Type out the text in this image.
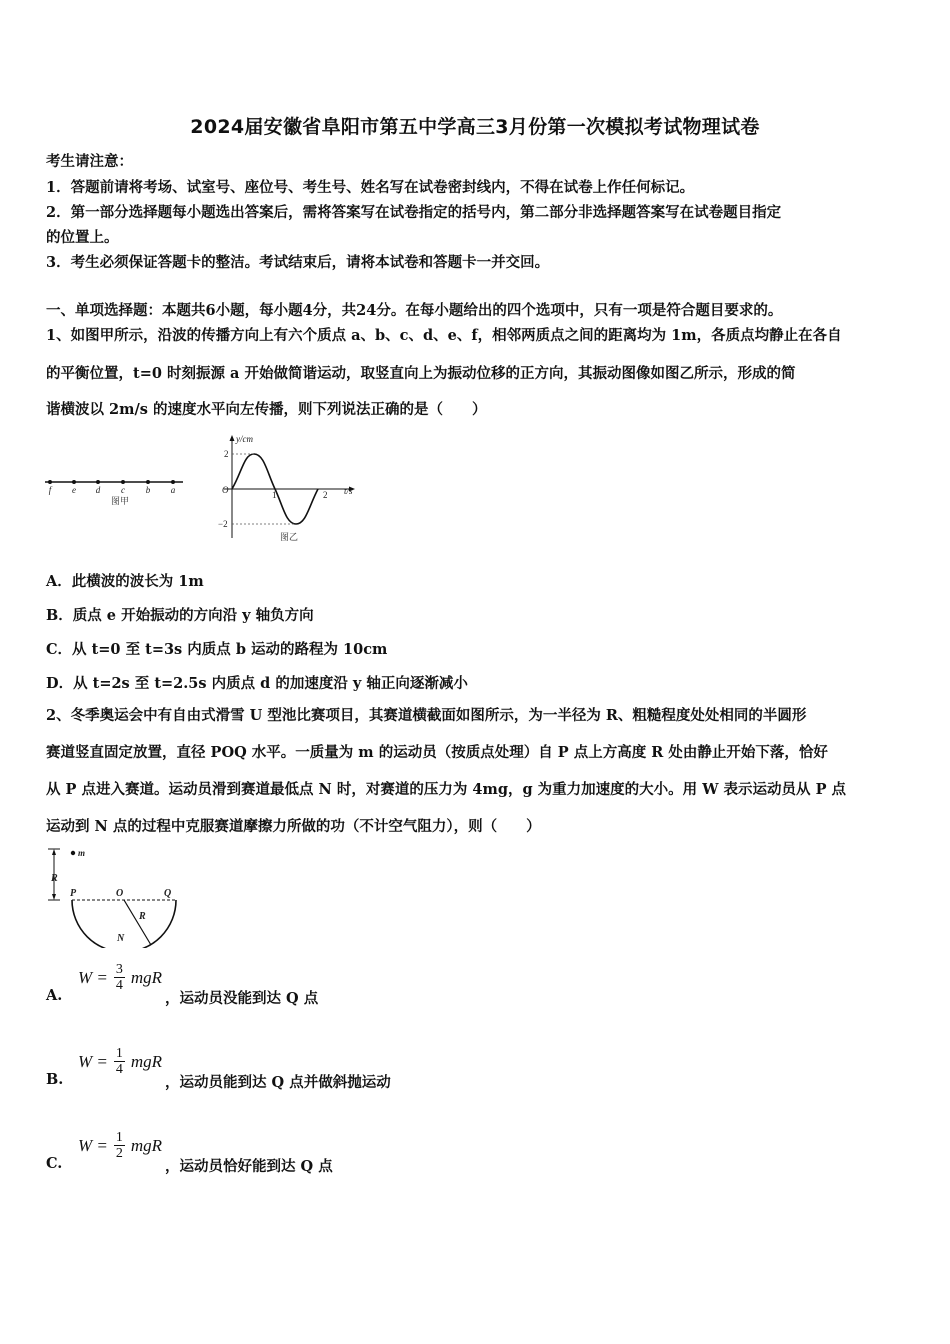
2024届安徽省阜阳市第五中学高三3月份第一次模拟考试物理试卷
考生请注意：
1．答题前请将考场、试室号、座位号、考生号、姓名写在试卷密封线内，不得在试卷上作任何标记。
2．第一部分选择题每小题选出答案后，需将答案写在试卷指定的括号内，第二部分非选择题答案写在试卷题目指定
的位置上。
3．考生必须保证答题卡的整洁。考试结束后，请将本试卷和答题卡一并交回。
一、单项选择题：本题共6小题，每小题4分，共24分。在每小题给出的四个选项中，只有一项是符合题目要求的。
1、如图甲所示，沿波的传播方向上有六个质点 a、b、c、d、e、f，相邻两质点之间的距离均为 1m，各质点均静止在各自
的平衡位置，t=0 时刻振源 a 开始做简谐运动，取竖直向上为振动位移的正方向，其振动图像如图乙所示，形成的简
谐横波以 2m/s 的速度水平向左传播，则下列说法正确的是（　　）
f e d c b a
图甲
y/cm
t/s
O
2
−2
1	2
图乙
A．此横波的波长为 1m
B．质点 e 开始振动的方向沿 y 轴负方向
C．从 t=0 至 t=3s 内质点 b 运动的路程为 10cm
D．从 t=2s 至 t=2.5s 内质点 d 的加速度沿 y 轴正向逐渐减小
2、冬季奥运会中有自由式滑雪 U 型池比赛项目，其赛道横截面如图所示，为一半径为 R、粗糙程度处处相同的半圆形
赛道竖直固定放置，直径 POQ 水平。一质量为 m 的运动员（按质点处理）自 P 点上方高度 R 处由静止开始下落，恰好
从 P 点进入赛道。运动员滑到赛道最低点 N 时，对赛道的压力为 4mg，g 为重力加速度的大小。用 W 表示运动员从 P 点
运动到 N 点的过程中克服赛道摩擦力所做的功（不计空气阻力），则（　　）
m
R
P	O	Q
R
N
A.
$W = \frac{3}{4}$ mgR
，运动员没能到达 Q 点
B.
$W = \frac{1}{4}$ mgR
，运动员能到达 Q 点并做斜抛运动
C.
$W = \frac{1}{2}$ mgR
，运动员恰好能到达 Q 点
